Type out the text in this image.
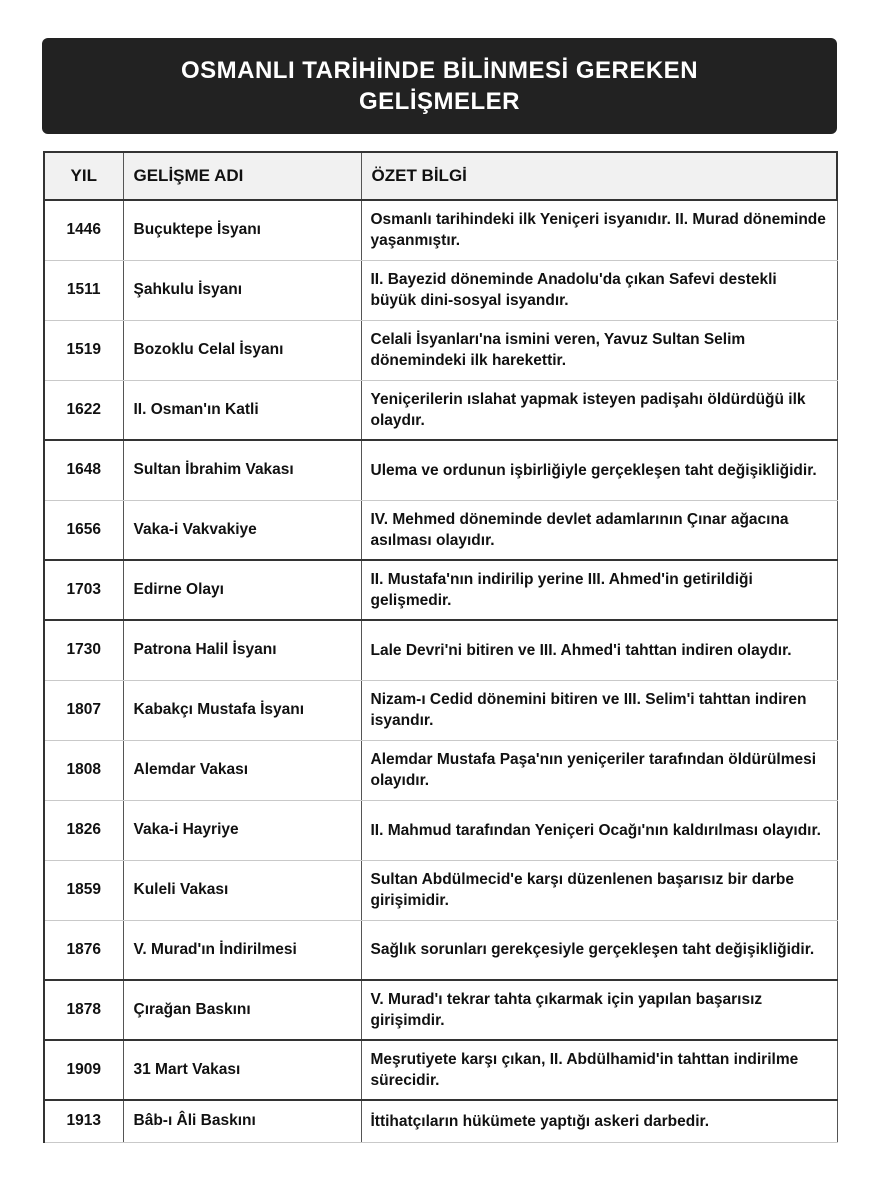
OSMANLI TARİHİNDE BİLİNMESİ GEREKEN
GELİŞMELER
YIL	GELİŞME ADI	ÖZET BİLGİ
1446	Buçuktepe İsyanı	Osmanlı tarihindeki ilk Yeniçeri isyanıdır. II. Murad döneminde yaşanmıştır.
1511	Şahkulu İsyanı	II. Bayezid döneminde Anadolu'da çıkan Safevi destekli büyük dini-sosyal isyandır.
1519	Bozoklu Celal İsyanı	Celali İsyanları'na ismini veren, Yavuz Sultan Selim dönemindeki ilk harekettir.
1622	II. Osman'ın Katli	Yeniçerilerin ıslahat yapmak isteyen padişahı öldürdüğü ilk olaydır.
1648	Sultan İbrahim Vakası	Ulema ve ordunun işbirliğiyle gerçekleşen taht değişikliğidir.
1656	Vaka-i Vakvakiye	IV. Mehmed döneminde devlet adamlarının Çınar ağacına asılması olayıdır.
1703	Edirne Olayı	II. Mustafa'nın indirilip yerine III. Ahmed'in getirildiği gelişmedir.
1730	Patrona Halil İsyanı	Lale Devri'ni bitiren ve III. Ahmed'i tahttan indiren olaydır.
1807	Kabakçı Mustafa İsyanı	Nizam-ı Cedid dönemini bitiren ve III. Selim'i tahttan indiren isyandır.
1808	Alemdar Vakası	Alemdar Mustafa Paşa'nın yeniçeriler tarafından öldürülmesi olayıdır.
1826	Vaka-i Hayriye	II. Mahmud tarafından Yeniçeri Ocağı'nın kaldırılması olayıdır.
1859	Kuleli Vakası	Sultan Abdülmecid'e karşı düzenlenen başarısız bir darbe girişimidir.
1876	V. Murad'ın İndirilmesi	Sağlık sorunları gerekçesiyle gerçekleşen taht değişikliğidir.
1878	Çırağan Baskını	V. Murad'ı tekrar tahta çıkarmak için yapılan başarısız girişimdir.
1909	31 Mart Vakası	Meşrutiyete karşı çıkan, II. Abdülhamid'in tahttan indirilme sürecidir.
1913	Bâb-ı Âli Baskını	İttihatçıların hükümete yaptığı askeri darbedir.
